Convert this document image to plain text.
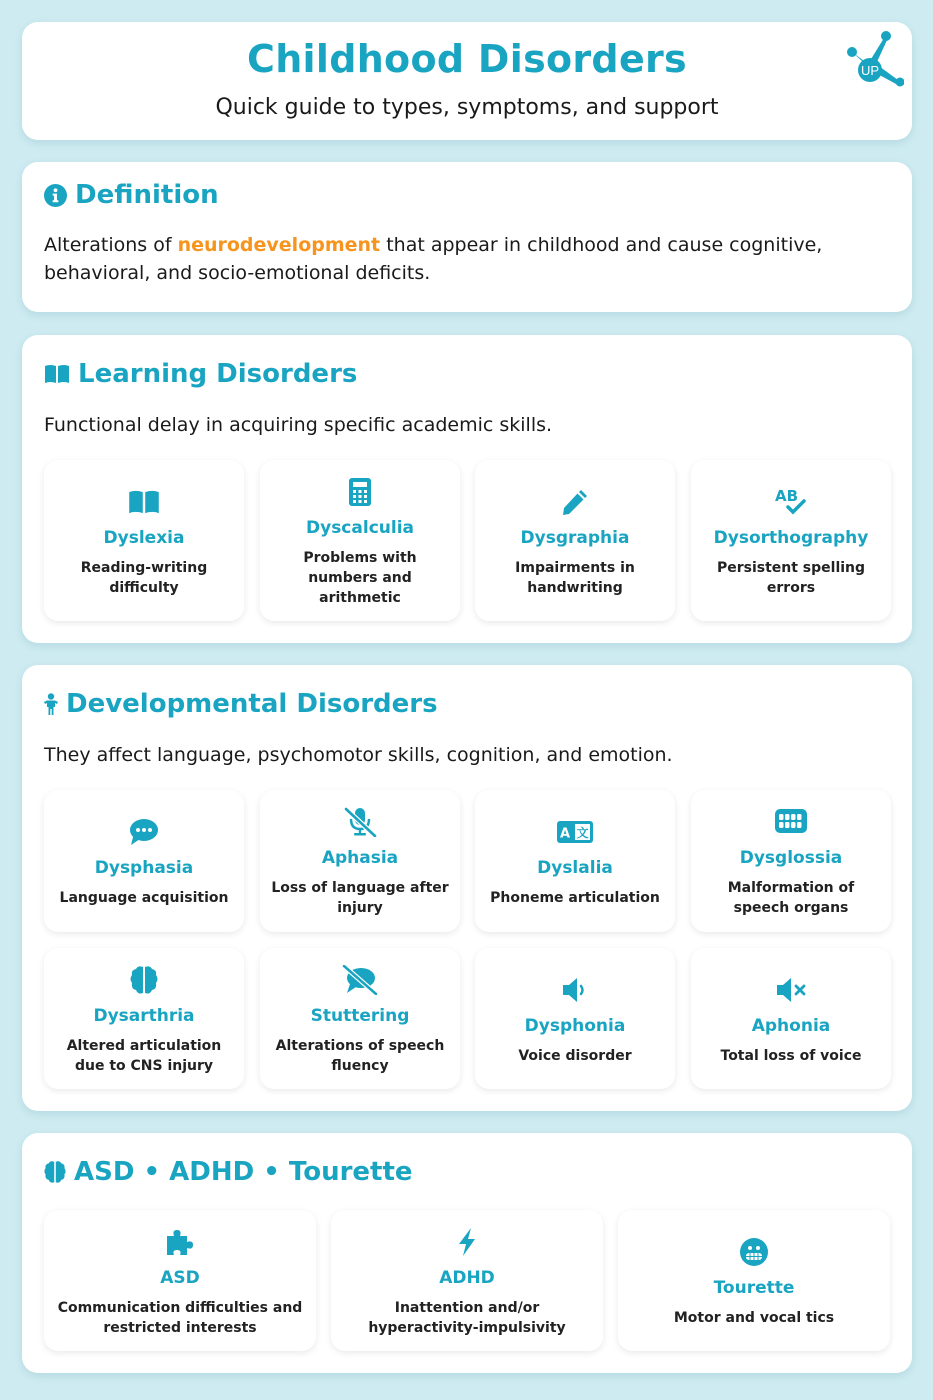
Childhood Disorders
Quick guide to types, symptoms, and support
UP
Definition
Alterations of neurodevelopment that appear in childhood and cause cognitive, behavioral, and socio-emotional deficits.
Learning Disorders
Functional delay in acquiring specific academic skills.
Dyslexia
Reading-writing difficulty
Dyscalculia
Problems with numbers and arithmetic
Dysgraphia
Impairments in handwriting
AB
Dysorthography
Persistent spelling errors
Developmental Disorders
They affect language, psychomotor skills, cognition, and emotion.
Dysphasia
Language acquisition
Aphasia
Loss of language after injury
A 文
Dyslalia
Phoneme articulation
Dysglossia
Malformation of speech organs
Dysarthria
Altered articulation due to CNS injury
Stuttering
Alterations of speech fluency
Dysphonia
Voice disorder
Aphonia
Total loss of voice
ASD • ADHD • Tourette
ASD
Communication difficulties and restricted interests
ADHD
Inattention and/or hyperactivity-impulsivity
Tourette
Motor and vocal tics
